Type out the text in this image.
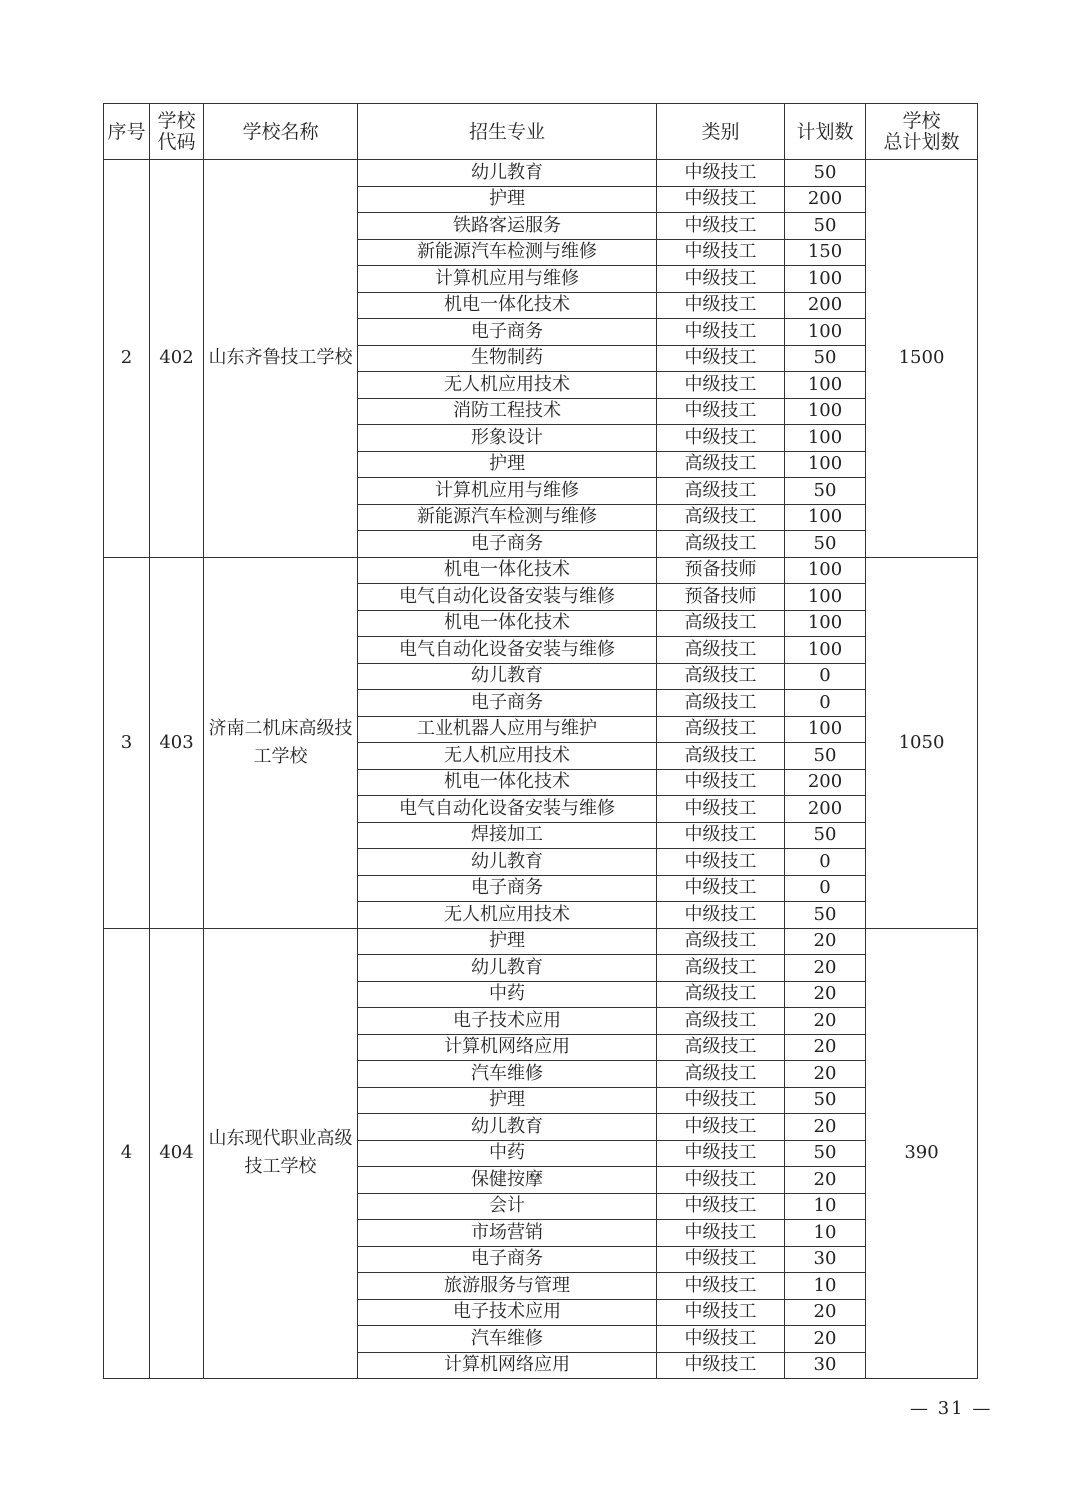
序号	学校代码	学校名称	招生专业	类别	计划数	学校
总计划数
2	402	山东齐鲁技工学校	幼儿教育	中级技工	50	1500
			护理	中级技工	200	
			铁路客运服务	中级技工	50	
			新能源汽车检测与维修	中级技工	150	
			计算机应用与维修	中级技工	100	
			机电一体化技术	中级技工	200	
			电子商务	中级技工	100	
			生物制药	中级技工	50	
			无人机应用技术	中级技工	100	
			消防工程技术	中级技工	100	
			形象设计	中级技工	100	
			护理	高级技工	100	
			计算机应用与维修	高级技工	50	
			新能源汽车检测与维修	高级技工	100	
			电子商务	高级技工	50	
3	403	济南二机床高级技工学校	机电一体化技术	预备技师	100	1050
			电气自动化设备安装与维修	预备技师	100	
			机电一体化技术	高级技工	100	
			电气自动化设备安装与维修	高级技工	100	
			幼儿教育	高级技工	0	
			电子商务	高级技工	0	
			工业机器人应用与维护	高级技工	100	
			无人机应用技术	高级技工	50	
			机电一体化技术	中级技工	200	
			电气自动化设备安装与维修	中级技工	200	
			焊接加工	中级技工	50	
			幼儿教育	中级技工	0	
			电子商务	中级技工	0	
			无人机应用技术	中级技工	50	
4	404	山东现代职业高级技工学校	护理	高级技工	20	390
			幼儿教育	高级技工	20	
			中药	高级技工	20	
			电子技术应用	高级技工	20	
			计算机网络应用	高级技工	20	
			汽车维修	高级技工	20	
			护理	中级技工	50	
			幼儿教育	中级技工	20	
			中药	中级技工	50	
			保健按摩	中级技工	20	
			会计	中级技工	10	
			市场营销	中级技工	10	
			电子商务	中级技工	30	
			旅游服务与管理	中级技工	10	
			电子技术应用	中级技工	20	
			汽车维修	中级技工	20	
			计算机网络应用	中级技工	30	
— 31 —
